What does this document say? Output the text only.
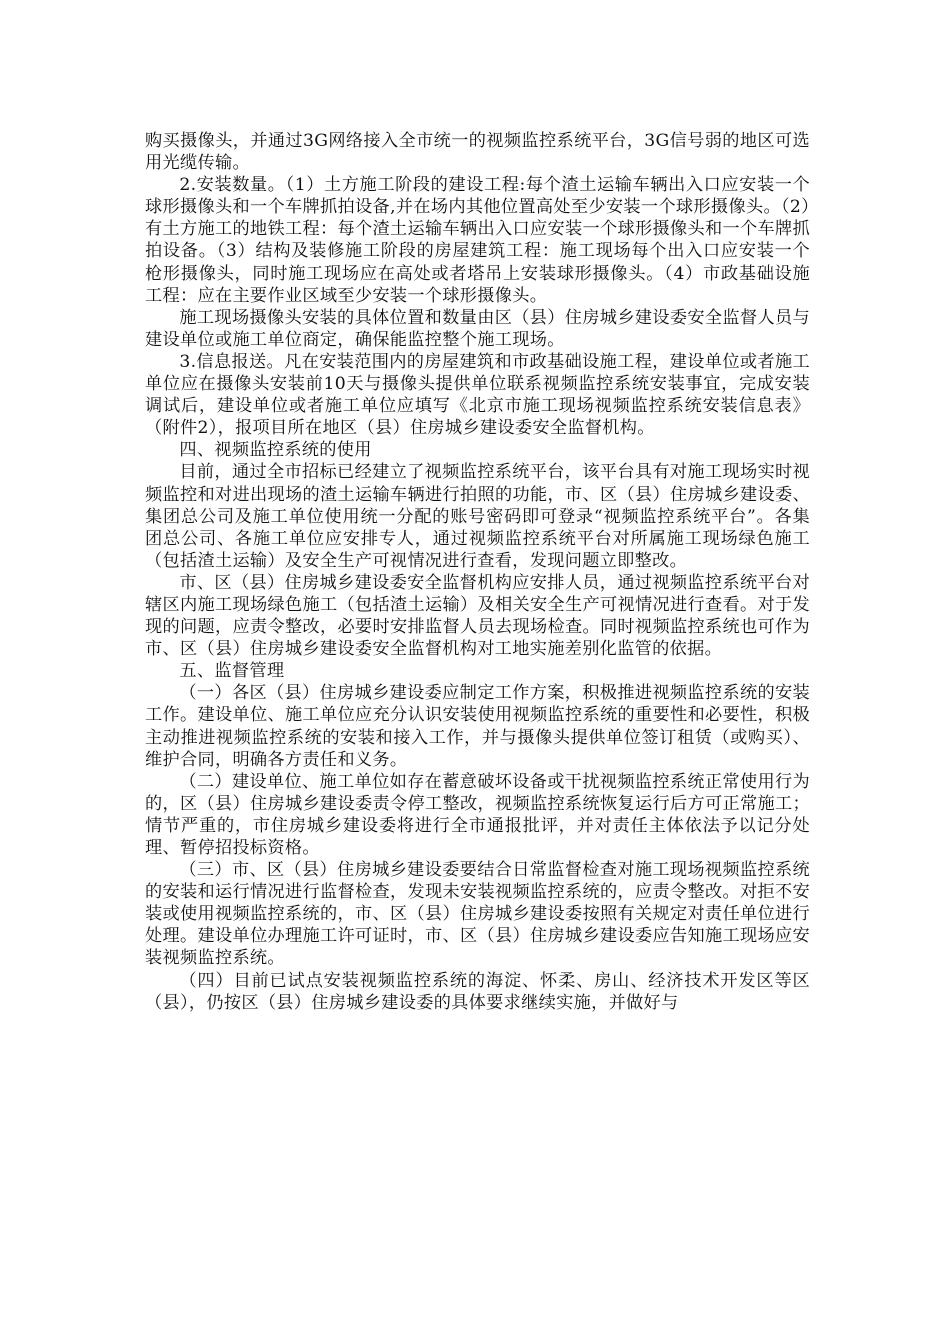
购买摄像头，并通过3G网络接入全市统一的视频监控系统平台，3G信号弱的地区可选用光缆传输。

2.安装数量。（1）土方施工阶段的建设工程:每个渣土运输车辆出入口应安装一个球形摄像头和一个车牌抓拍设备,并在场内其他位置高处至少安装一个球形摄像头。（2）有土方施工的地铁工程：每个渣土运输车辆出入口应安装一个球形摄像头和一个车牌抓拍设备。（3）结构及装修施工阶段的房屋建筑工程：施工现场每个出入口应安装一个枪形摄像头，同时施工现场应在高处或者塔吊上安装球形摄像头。（4）市政基础设施工程：应在主要作业区域至少安装一个球形摄像头。

施工现场摄像头安装的具体位置和数量由区（县）住房城乡建设委安全监督人员与建设单位或施工单位商定，确保能监控整个施工现场。

3.信息报送。凡在安装范围内的房屋建筑和市政基础设施工程，建设单位或者施工单位应在摄像头安装前10天与摄像头提供单位联系视频监控系统安装事宜，完成安装调试后，建设单位或者施工单位应填写《北京市施工现场视频监控系统安装信息表》（附件2），报项目所在地区（县）住房城乡建设委安全监督机构。

四、视频监控系统的使用

目前，通过全市招标已经建立了视频监控系统平台，该平台具有对施工现场实时视频监控和对进出现场的渣土运输车辆进行拍照的功能，市、区（县）住房城乡建设委、集团总公司及施工单位使用统一分配的账号密码即可登录“视频监控系统平台”。各集团总公司、各施工单位应安排专人，通过视频监控系统平台对所属施工现场绿色施工（包括渣土运输）及安全生产可视情况进行查看，发现问题立即整改。

市、区（县）住房城乡建设委安全监督机构应安排人员，通过视频监控系统平台对辖区内施工现场绿色施工（包括渣土运输）及相关安全生产可视情况进行查看。对于发现的问题，应责令整改，必要时安排监督人员去现场检查。同时视频监控系统也可作为市、区（县）住房城乡建设委安全监督机构对工地实施差别化监管的依据。

五、监督管理

（一）各区（县）住房城乡建设委应制定工作方案，积极推进视频监控系统的安装工作。建设单位、施工单位应充分认识安装使用视频监控系统的重要性和必要性，积极主动推进视频监控系统的安装和接入工作，并与摄像头提供单位签订租赁（或购买）、维护合同，明确各方责任和义务。

（二）建设单位、施工单位如存在蓄意破坏设备或干扰视频监控系统正常使用行为的，区（县）住房城乡建设委责令停工整改，视频监控系统恢复运行后方可正常施工；情节严重的，市住房城乡建设委将进行全市通报批评，并对责任主体依法予以记分处理、暂停招投标资格。

（三）市、区（县）住房城乡建设委要结合日常监督检查对施工现场视频监控系统的安装和运行情况进行监督检查，发现未安装视频监控系统的，应责令整改。对拒不安装或使用视频监控系统的，市、区（县）住房城乡建设委按照有关规定对责任单位进行处理。建设单位办理施工许可证时，市、区（县）住房城乡建设委应告知施工现场应安装视频监控系统。

（四）目前已试点安装视频监控系统的海淀、怀柔、房山、经济技术开发区等区（县），仍按区（县）住房城乡建设委的具体要求继续实施，并做好与
